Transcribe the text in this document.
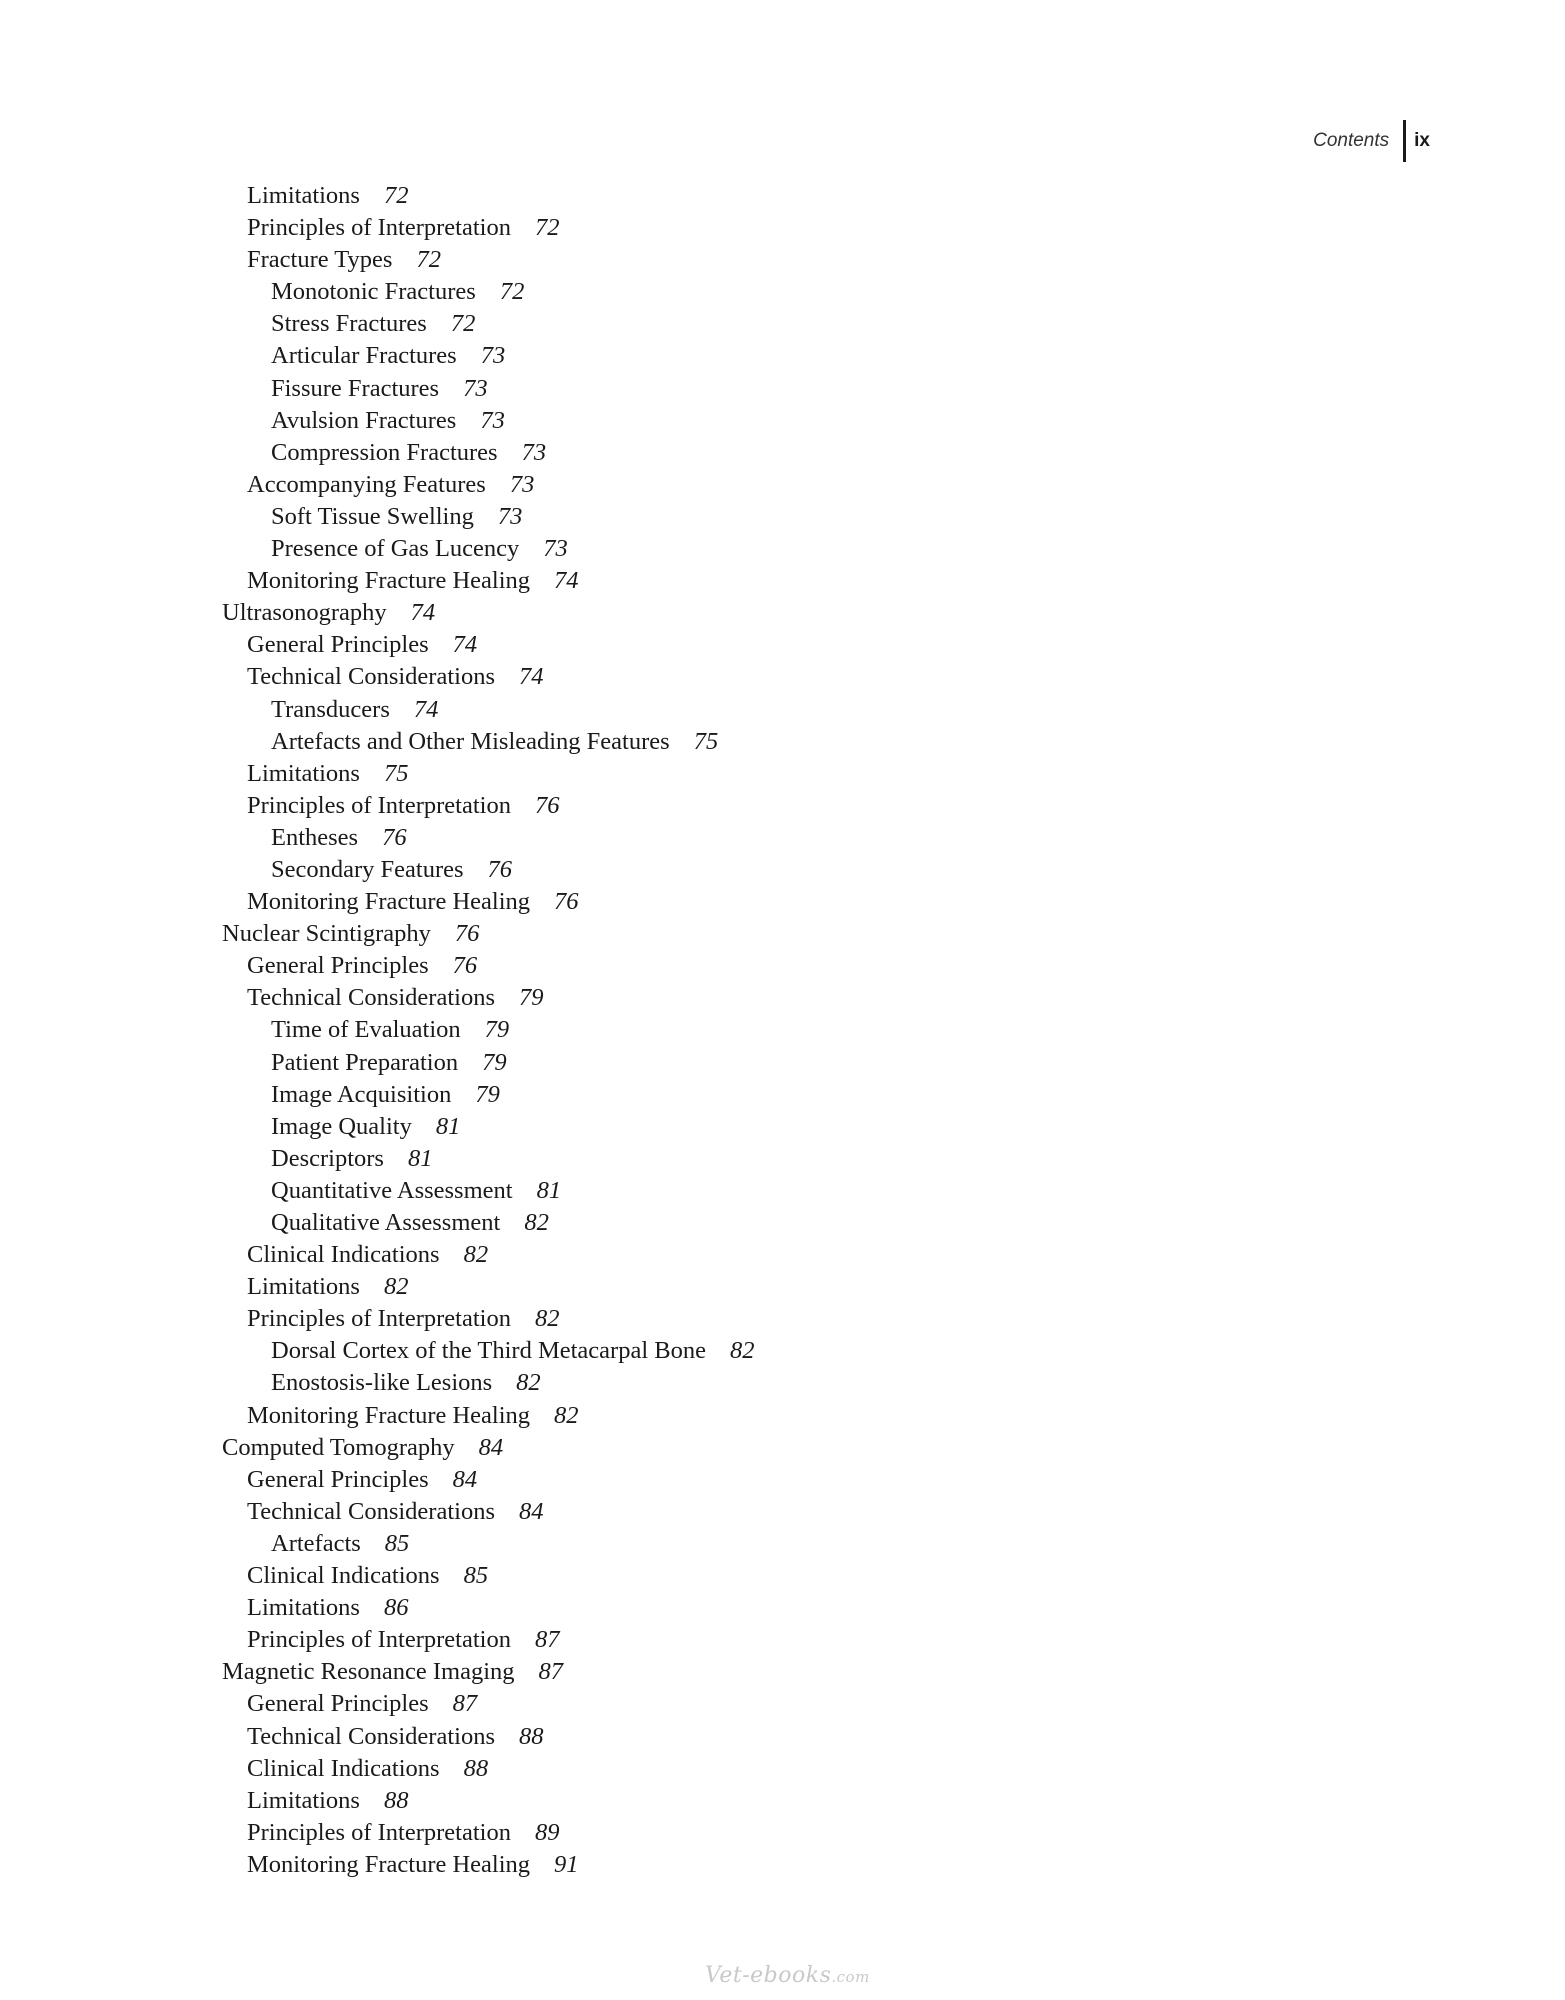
Contents	ix
Limitations 72
Principles of Interpretation 72
Fracture Types 72
Monotonic Fractures 72
Stress Fractures 72
Articular Fractures 73
Fissure Fractures 73
Avulsion Fractures 73
Compression Fractures 73
Accompanying Features 73
Soft Tissue Swelling 73
Presence of Gas Lucency 73
Monitoring Fracture Healing 74
Ultrasonography 74
General Principles 74
Technical Considerations 74
Transducers 74
Artefacts and Other Misleading Features 75
Limitations 75
Principles of Interpretation 76
Entheses 76
Secondary Features 76
Monitoring Fracture Healing 76
Nuclear Scintigraphy 76
General Principles 76
Technical Considerations 79
Time of Evaluation 79
Patient Preparation 79
Image Acquisition 79
Image Quality 81
Descriptors 81
Quantitative Assessment 81
Qualitative Assessment 82
Clinical Indications 82
Limitations 82
Principles of Interpretation 82
Dorsal Cortex of the Third Metacarpal Bone 82
Enostosis-like Lesions 82
Monitoring Fracture Healing 82
Computed Tomography 84
General Principles 84
Technical Considerations 84
Artefacts 85
Clinical Indications 85
Limitations 86
Principles of Interpretation 87
Magnetic Resonance Imaging 87
General Principles 87
Technical Considerations 88
Clinical Indications 88
Limitations 88
Principles of Interpretation 89
Monitoring Fracture Healing 91
Vet-ebooks.com
